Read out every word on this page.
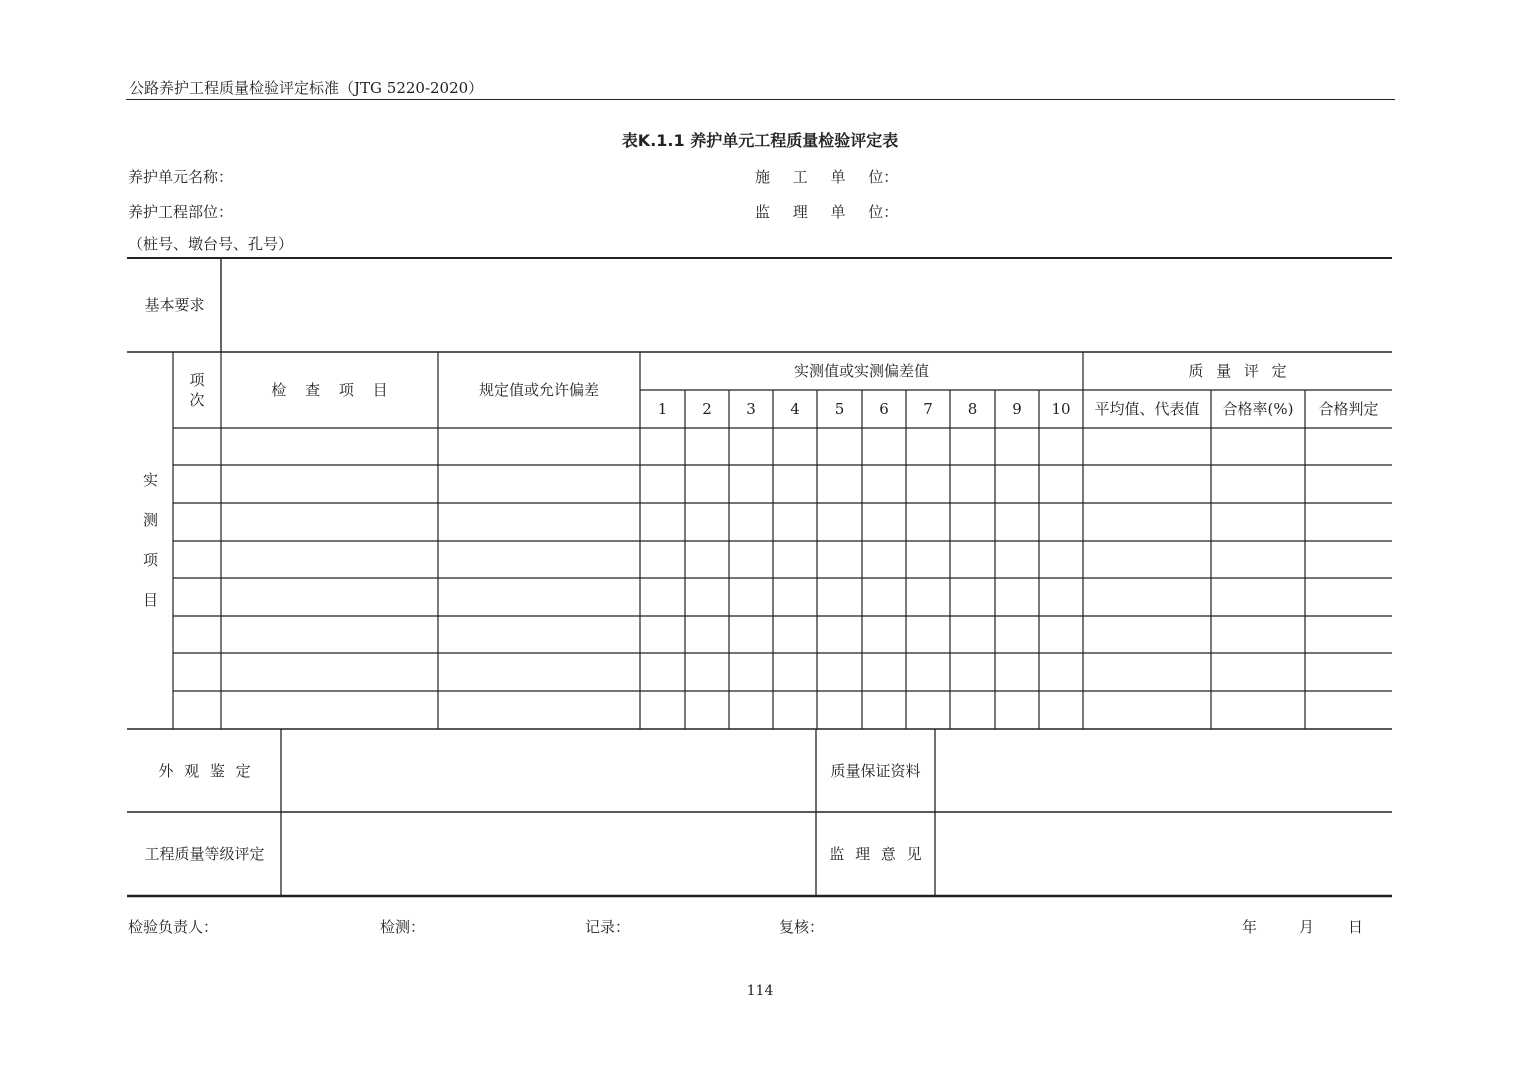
公路养护工程质量检验评定标准（JTG 5220-2020）
表K.1.1 养护单元工程质量检验评定表
养护单元名称：	施 工 单 位：
养护工程部位：	监 理 单 位：
（桩号、墩台号、孔号）
基本要求
实
测
项
目
项
次
检 查 项 目	规定值或允许偏差
实测值或实测偏差值	质 量 评 定
1	2	3	4	5	6	7	8	9	10	平均值、代表值	合格率(%)	合格判定
外 观 鉴 定	质量保证资料
工程质量等级评定	监 理 意 见
检验负责人：	检测：	记录：	复核：	年	月 日
114
